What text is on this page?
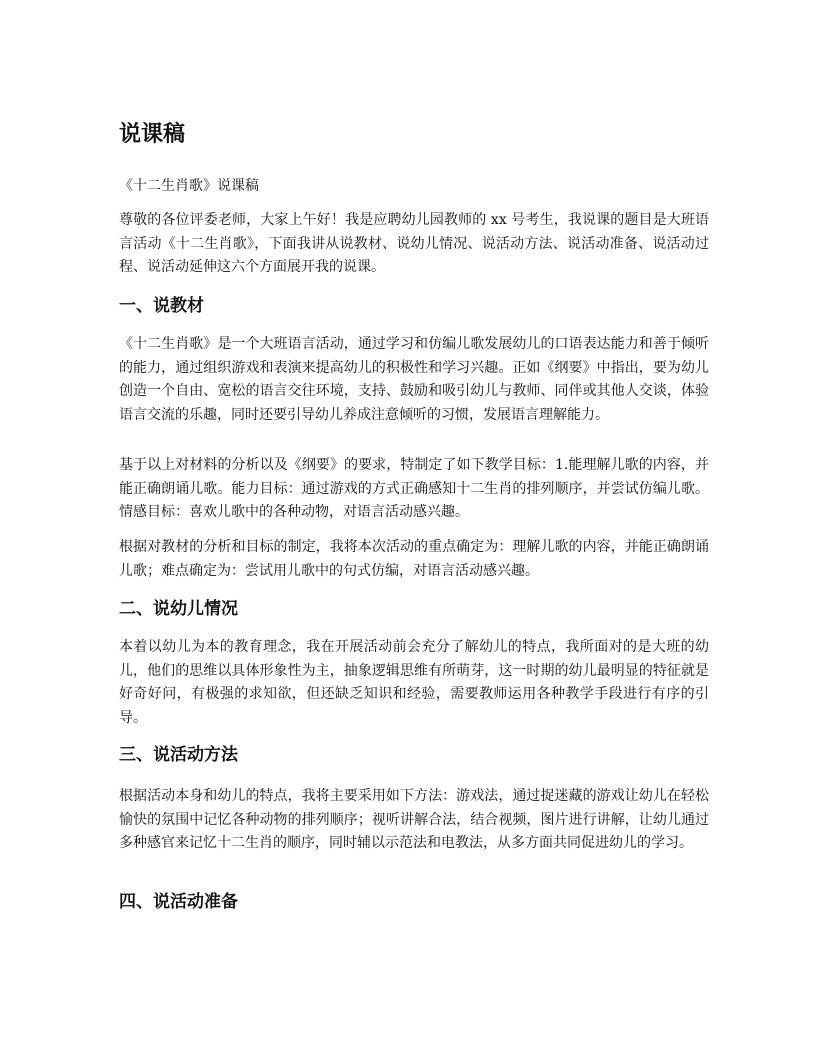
说课稿

《十二生肖歌》说课稿

尊敬的各位评委老师，大家上午好！我是应聘幼儿园教师的 xx 号考生，我说课的题目是大班语言活动《十二生肖歌》，下面我讲从说教材、说幼儿情况、说活动方法、说活动准备、说活动过程、说活动延伸这六个方面展开我的说课。

一、说教材

《十二生肖歌》是一个大班语言活动，通过学习和仿编儿歌发展幼儿的口语表达能力和善于倾听的能力，通过组织游戏和表演来提高幼儿的积极性和学习兴趣。正如《纲要》中指出，要为幼儿创造一个自由、宽松的语言交往环境，支持、鼓励和吸引幼儿与教师、同伴或其他人交谈，体验语言交流的乐趣，同时还要引导幼儿养成注意倾听的习惯，发展语言理解能力。

基于以上对材料的分析以及《纲要》的要求，特制定了如下教学目标：1.能理解儿歌的内容，并能正确朗诵儿歌。能力目标：通过游戏的方式正确感知十二生肖的排列顺序，并尝试仿编儿歌。情感目标：喜欢儿歌中的各种动物，对语言活动感兴趣。

根据对教材的分析和目标的制定，我将本次活动的重点确定为：理解儿歌的内容，并能正确朗诵儿歌；难点确定为：尝试用儿歌中的句式仿编，对语言活动感兴趣。

二、说幼儿情况

本着以幼儿为本的教育理念，我在开展活动前会充分了解幼儿的特点，我所面对的是大班的幼儿，他们的思维以具体形象性为主，抽象逻辑思维有所萌芽，这一时期的幼儿最明显的特征就是好奇好问，有极强的求知欲，但还缺乏知识和经验，需要教师运用各种教学手段进行有序的引导。

三、说活动方法

根据活动本身和幼儿的特点，我将主要采用如下方法：游戏法，通过捉迷藏的游戏让幼儿在轻松愉快的氛围中记忆各种动物的排列顺序；视听讲解合法，结合视频，图片进行讲解，让幼儿通过多种感官来记忆十二生肖的顺序，同时辅以示范法和电教法，从多方面共同促进幼儿的学习。

四、说活动准备
